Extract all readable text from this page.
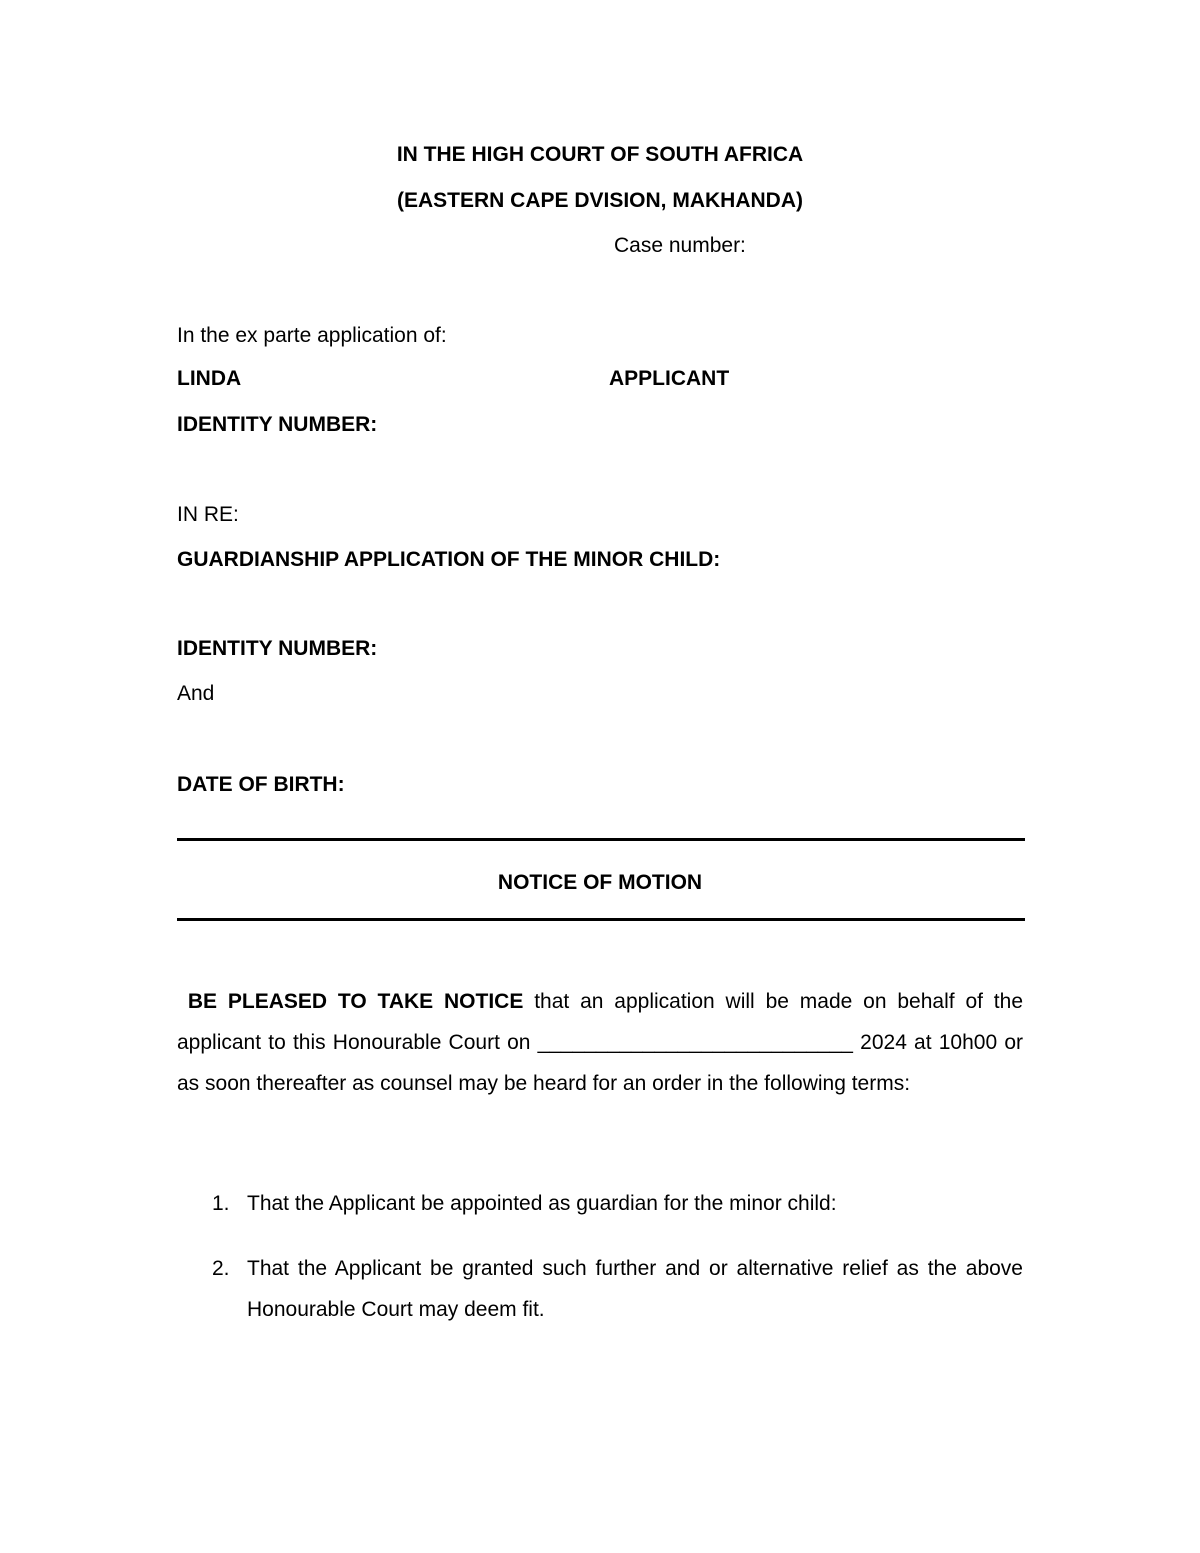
IN THE HIGH COURT OF SOUTH AFRICA
(EASTERN CAPE DVISION, MAKHANDA)
Case number:
In the ex parte application of:
LINDA	APPLICANT
IDENTITY NUMBER:
IN RE:
GUARDIANSHIP APPLICATION OF THE MINOR CHILD:
IDENTITY NUMBER:
And
DATE OF BIRTH:
NOTICE OF MOTION
BE PLEASED TO TAKE NOTICE that an application will be made on behalf of the applicant to this Honourable Court on ___________________________ 2024 at 10h00 or as soon thereafter as counsel may be heard for an order in the following terms:
1. That the Applicant be appointed as guardian for the minor child:
2. That the Applicant be granted such further and or alternative relief as the above Honourable Court may deem fit.
